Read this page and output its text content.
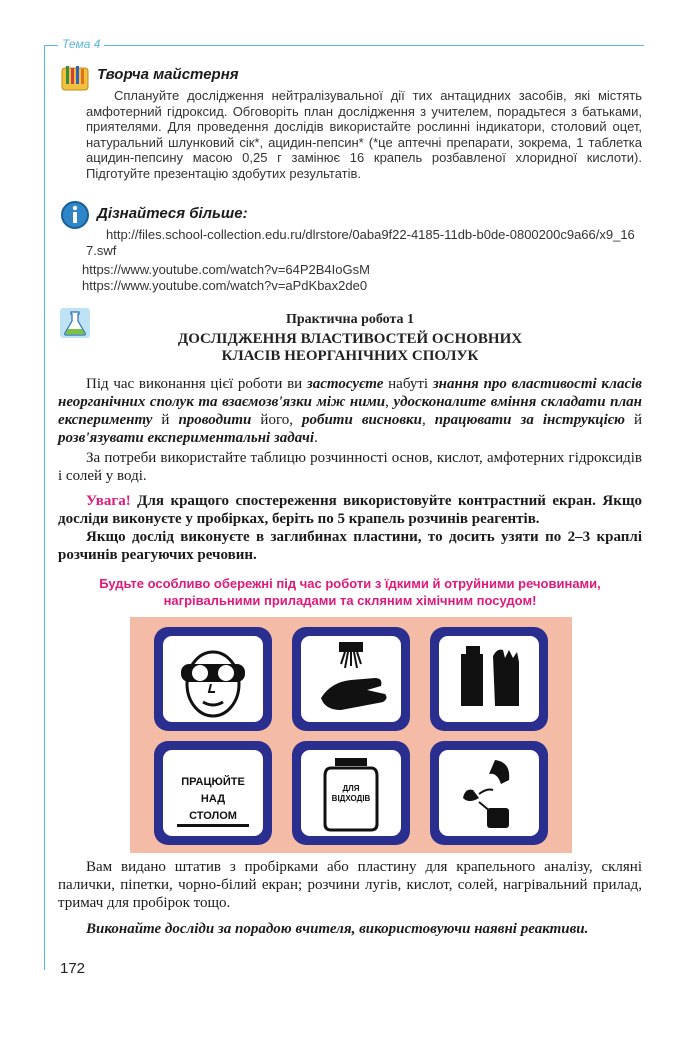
Тема 4
Творча майстерня
Сплануйте дослідження нейтралізувальної дії тих антацидних засобів, які містять амфотерний гідроксид. Обговоріть план дослідження з учителем, порадьтеся з батьками, приятелями. Для проведення дослідів використайте рослинні індикатори, столовий оцет, натуральний шлунковий сік*, ацидин-пепсин* (*це аптечні препарати, зокрема, 1 таблетка ацидин-пепсину масою 0,25 г замінює 16 крапель розбавленої хлоридної кислоти). Підготуйте презентацію здобутих результатів.
Дізнайтеся більше:
http://files.school-collection.edu.ru/dlrstore/0aba9f22-4185-11db-b0de-0800200c9a66/x9_167.swf
https://www.youtube.com/watch?v=64P2B4IoGsM
https://www.youtube.com/watch?v=aPdKbax2de0
Практична робота 1
ДОСЛІДЖЕННЯ ВЛАСТИВОСТЕЙ ОСНОВНИХ
КЛАСІВ НЕОРГАНІЧНИХ СПОЛУК
Під час виконання цієї роботи ви застосуєте набуті знання про властивості класів неорганічних сполук та взаємозв'язки між ними, удосконалите вміння складати план експерименту й проводити його, робити висновки, працювати за інструкцією й розв'язувати експериментальні задачі.
За потреби використайте таблицю розчинності основ, кислот, амфотерних гідроксидів і солей у воді.
Увага! Для кращого спостереження використовуйте контрастний екран. Якщо досліди виконуєте у пробірках, беріть по 5 крапель розчинів реагентів.
Якщо дослід виконуєте в заглибинах пластини, то досить узяти по 2–3 краплі розчинів реагуючих речовин.
Будьте особливо обережні під час роботи з їдкими й отруйними речовинами,
нагрівальними приладами та скляним хімічним посудом!
ПРАЦЮЙТЕ
НАД
СТОЛОМ
ДЛЯ
ВІДХОДІВ
Вам видано штатив з пробірками або пластину для крапельного аналізу, скляні палички, піпетки, чорно-білий екран; розчини лугів, кислот, солей, нагрівальний прилад, тримач для пробірок тощо.
Виконайте досліди за порадою вчителя, використовуючи наявні реактиви.
172
